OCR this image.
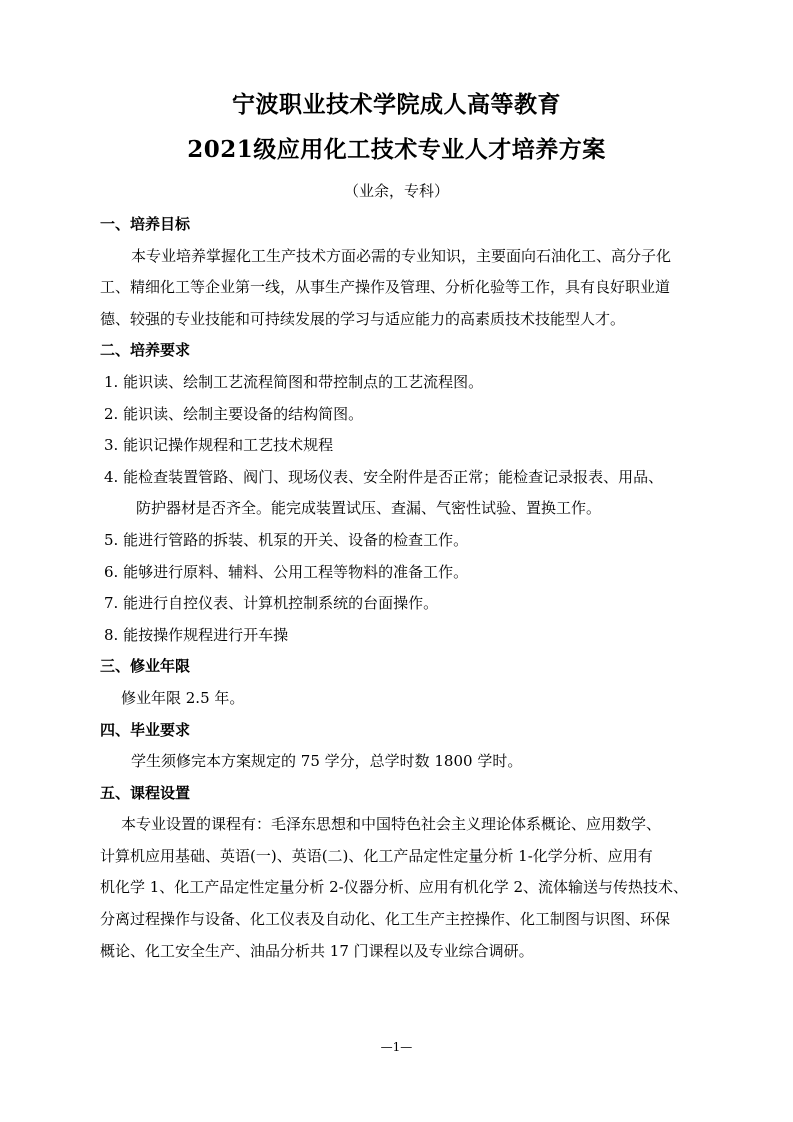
宁波职业技术学院成人高等教育
2021级应用化工技术专业人才培养方案
（业余，专科）
一、培养目标
本专业培养掌握化工生产技术方面必需的专业知识，主要面向石油化工、高分子化
工、精细化工等企业第一线，从事生产操作及管理、分析化验等工作，具有良好职业道
德、较强的专业技能和可持续发展的学习与适应能力的高素质技术技能型人才。
二、培养要求
1. 能识读、绘制工艺流程简图和带控制点的工艺流程图。
2. 能识读、绘制主要设备的结构简图。
3. 能识记操作规程和工艺技术规程
4. 能检查装置管路、阀门、现场仪表、安全附件是否正常；能检查记录报表、用品、
防护器材是否齐全。能完成装置试压、查漏、气密性试验、置换工作。
5. 能进行管路的拆装、机泵的开关、设备的检查工作。
6. 能够进行原料、辅料、公用工程等物料的准备工作。
7. 能进行自控仪表、计算机控制系统的台面操作。
8. 能按操作规程进行开车操
三、修业年限
修业年限 2.5 年。
四、毕业要求
学生须修完本方案规定的 75 学分，总学时数 1800 学时。
五、课程设置
本专业设置的课程有：毛泽东思想和中国特色社会主义理论体系概论、应用数学、
计算机应用基础、英语(一)、英语(二)、化工产品定性定量分析 1-化学分析、应用有
机化学 1、化工产品定性定量分析 2-仪器分析、应用有机化学 2、流体输送与传热技术、
分离过程操作与设备、化工仪表及自动化、化工生产主控操作、化工制图与识图、环保
概论、化工安全生产、油品分析共 17 门课程以及专业综合调研。
—1—
